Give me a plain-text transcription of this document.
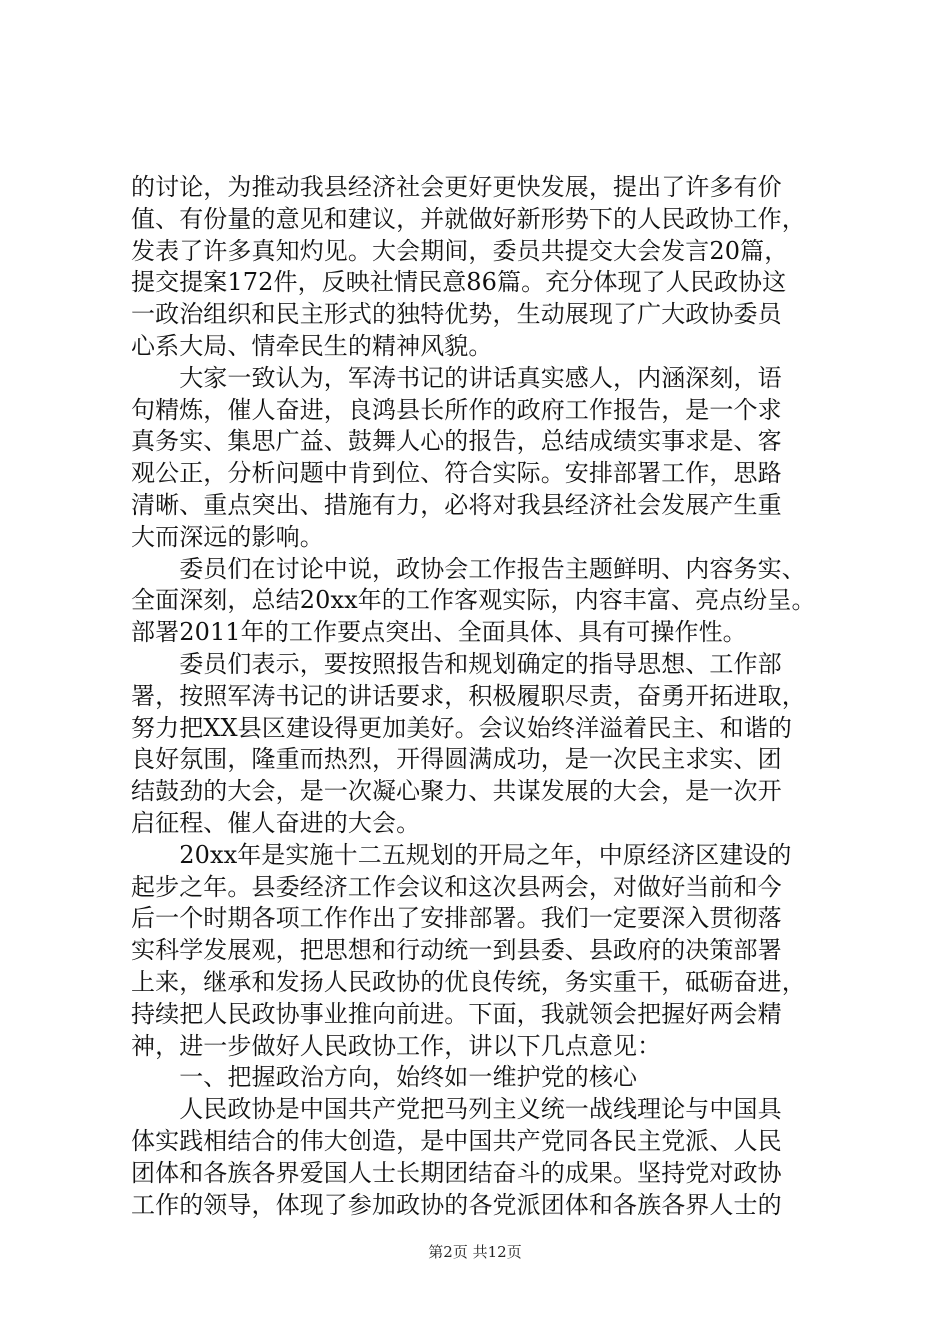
的讨论，为推动我县经济社会更好更快发展，提出了许多有价
值、有份量的意见和建议，并就做好新形势下的人民政协工作，
发表了许多真知灼见。大会期间，委员共提交大会发言20篇，
提交提案172件，反映社情民意86篇。充分体现了人民政协这
一政治组织和民主形式的独特优势，生动展现了广大政协委员
心系大局、情牵民生的精神风貌。
　　大家一致认为，军涛书记的讲话真实感人，内涵深刻，语
句精炼，催人奋进，良鸿县长所作的政府工作报告，是一个求
真务实、集思广益、鼓舞人心的报告，总结成绩实事求是、客
观公正，分析问题中肯到位、符合实际。安排部署工作，思路
清晰、重点突出、措施有力，必将对我县经济社会发展产生重
大而深远的影响。
　　委员们在讨论中说，政协会工作报告主题鲜明、内容务实、
全面深刻，总结20xx年的工作客观实际，内容丰富、亮点纷呈。
部署2011年的工作要点突出、全面具体、具有可操作性。
　　委员们表示，要按照报告和规划确定的指导思想、工作部
署，按照军涛书记的讲话要求，积极履职尽责，奋勇开拓进取，
努力把XX县区建设得更加美好。会议始终洋溢着民主、和谐的
良好氛围，隆重而热烈，开得圆满成功，是一次民主求实、团
结鼓劲的大会，是一次凝心聚力、共谋发展的大会，是一次开
启征程、催人奋进的大会。
　　20xx年是实施十二五规划的开局之年，中原经济区建设的
起步之年。县委经济工作会议和这次县两会，对做好当前和今
后一个时期各项工作作出了安排部署。我们一定要深入贯彻落
实科学发展观，把思想和行动统一到县委、县政府的决策部署
上来，继承和发扬人民政协的优良传统，务实重干，砥砺奋进，
持续把人民政协事业推向前进。下面，我就领会把握好两会精
神，进一步做好人民政协工作，讲以下几点意见：
　　一、把握政治方向，始终如一维护党的核心
　　人民政协是中国共产党把马列主义统一战线理论与中国具
体实践相结合的伟大创造，是中国共产党同各民主党派、人民
团体和各族各界爱国人士长期团结奋斗的成果。坚持党对政协
工作的领导，体现了参加政协的各党派团体和各族各界人士的
第2页 共12页
